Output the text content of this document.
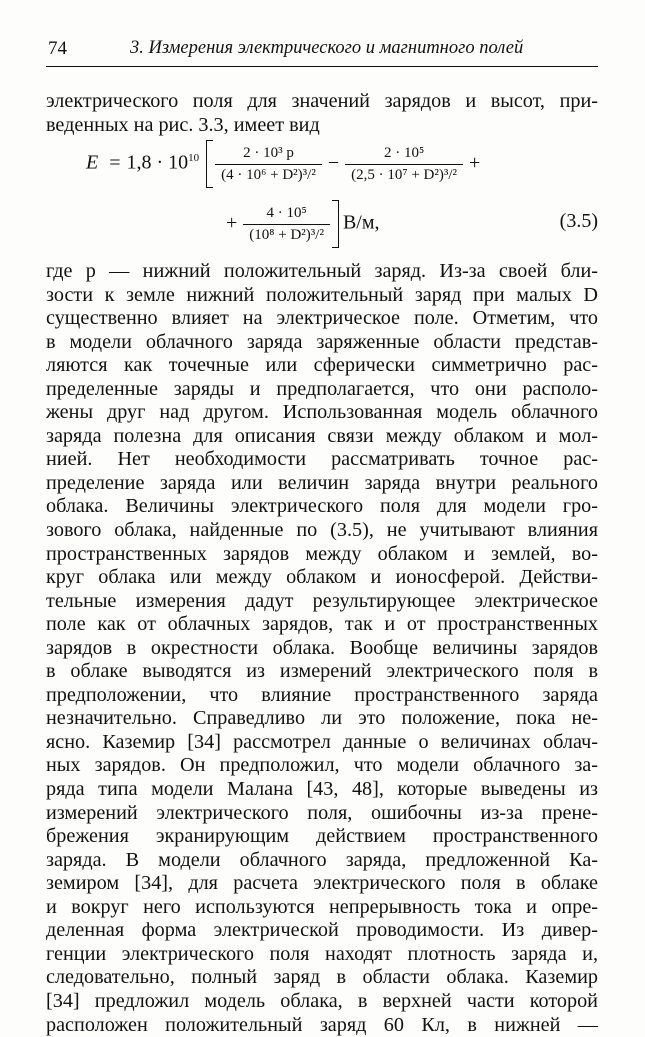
74	3. Измерения электрического и магнитного полей
электрического поля для значений зарядов и высот, при-
веденных на рис. 3.3, имеет вид
$E = 1,8 \cdot 10^{10} \frac{\text{2 · 10³ p}}{\text{(4 · 10⁶ + D²)³/²}} - \frac{\text{2 · 10⁵}}{\text{(2,5 · 10⁷ + D²)³/²}}$ +
+ $\frac{\text{4 · 10⁵}}{\text{(10⁸ + D²)³/²}} В/м$,	(3.5)
где p — нижний положительный заряд. Из-за своей бли-
зости к земле нижний положительный заряд при малых D
существенно влияет на электрическое поле. Отметим, что
в модели облачного заряда заряженные области представ-
ляются как точечные или сферически симметрично рас-
пределенные заряды и предполагается, что они располо-
жены друг над другом. Использованная модель облачного
заряда полезна для описания связи между облаком и мол-
нией. Нет необходимости рассматривать точное рас-
пределение заряда или величин заряда внутри реального
облака. Величины электрического поля для модели гро-
зового облака, найденные по (3.5), не учитывают влияния
пространственных зарядов между облаком и землей, во-
круг облака или между облаком и ионосферой. Действи-
тельные измерения дадут результирующее электрическое
поле как от облачных зарядов, так и от пространственных
зарядов в окрестности облака. Вообще величины зарядов
в облаке выводятся из измерений электрического поля в
предположении, что влияние пространственного заряда
незначительно. Справедливо ли это положение, пока не-
ясно. Каземир [34] рассмотрел данные о величинах облач-
ных зарядов. Он предположил, что модели облачного за-
ряда типа модели Малана [43, 48], которые выведены из
измерений электрического поля, ошибочны из-за прене-
брежения экранирующим действием пространственного
заряда. В модели облачного заряда, предложенной Ка-
земиром [34], для расчета электрического поля в облаке
и вокруг него используются непрерывность тока и опре-
деленная форма электрической проводимости. Из дивер-
генции электрического поля находят плотность заряда и,
следовательно, полный заряд в области облака. Каземир
[34] предложил модель облака, в верхней части которой
расположен положительный заряд 60 Кл, в нижней —
